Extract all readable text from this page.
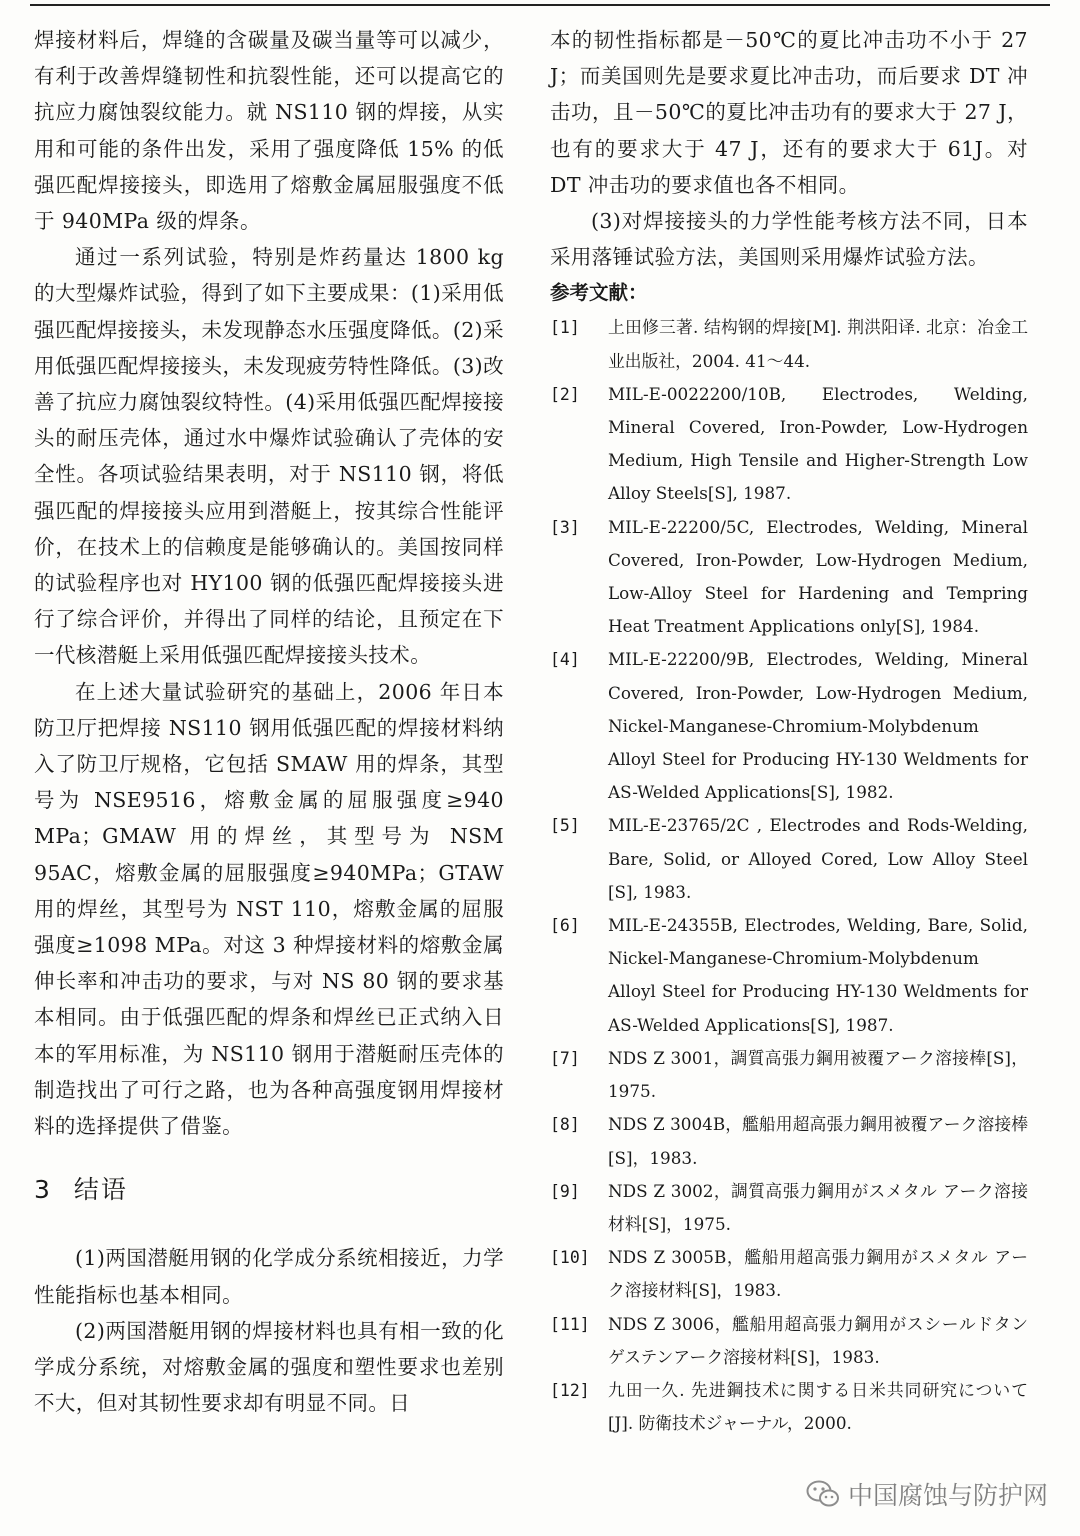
焊接材料后，焊缝的含碳量及碳当量等可以减少，有利于改善焊缝韧性和抗裂性能，还可以提高它的抗应力腐蚀裂纹能力。就 NS110 钢的焊接，从实用和可能的条件出发，采用了强度降低 15% 的低强匹配焊接接头，即选用了熔敷金属屈服强度不低于 940MPa 级的焊条。

通过一系列试验，特别是炸药量达 1800 kg 的大型爆炸试验，得到了如下主要成果：(1)采用低强匹配焊接接头，未发现静态水压强度降低。(2)采用低强匹配焊接接头，未发现疲劳特性降低。(3)改善了抗应力腐蚀裂纹特性。(4)采用低强匹配焊接接头的耐压壳体，通过水中爆炸试验确认了壳体的安全性。各项试验结果表明，对于 NS110 钢，将低强匹配的焊接接头应用到潜艇上，按其综合性能评价，在技术上的信赖度是能够确认的。美国按同样的试验程序也对 HY100 钢的低强匹配焊接接头进行了综合评价，并得出了同样的结论，且预定在下一代核潜艇上采用低强匹配焊接接头技术。

在上述大量试验研究的基础上，2006 年日本防卫厅把焊接 NS110 钢用低强匹配的焊接材料纳入了防卫厅规格，它包括 SMAW 用的焊条，其型号为 NSE9516，熔敷金属的屈服强度≥940 MPa；GMAW 用的焊丝，其型号为 NSM 95AC，熔敷金属的屈服强度≥940MPa；GTAW 用的焊丝，其型号为 NST 110，熔敷金属的屈服强度≥1098 MPa。对这 3 种焊接材料的熔敷金属伸长率和冲击功的要求，与对 NS 80 钢的要求基本相同。由于低强匹配的焊条和焊丝已正式纳入日本的军用标准，为 NS110 钢用于潜艇耐压壳体的制造找出了可行之路，也为各种高强度钢用焊接材料的选择提供了借鉴。

3 结语

(1)两国潜艇用钢的化学成分系统相接近，力学性能指标也基本相同。

(2)两国潜艇用钢的焊接材料也具有相一致的化学成分系统，对熔敷金属的强度和塑性要求也差别不大，但对其韧性要求却有明显不同。日

本的韧性指标都是－50℃的夏比冲击功不小于 27 J；而美国则先是要求夏比冲击功，而后要求 DT 冲击功，且－50℃的夏比冲击功有的要求大于 27 J，也有的要求大于 47 J，还有的要求大于 61J。对 DT 冲击功的要求值也各不相同。

(3)对焊接接头的力学性能考核方法不同，日本采用落锤试验方法，美国则采用爆炸试验方法。

参考文献：

[1] 上田修三著. 结构钢的焊接[M]. 荆洪阳译. 北京：冶金工业出版社，2004. 41～44.

[2] MIL-E-0022200/10B, Electrodes, Welding, Mineral Covered, Iron-Powder, Low-Hydrogen Medium, High Tensile and Higher-Strength Low Alloy Steels[S], 1987.

[3] MIL-E-22200/5C, Electrodes, Welding, Mineral Covered, Iron-Powder, Low-Hydrogen Medium, Low-Alloy Steel for Hardening and Tempring Heat Treatment Applications only[S], 1984.

[4] MIL-E-22200/9B, Electrodes, Welding, Mineral Covered, Iron-Powder, Low-Hydrogen Medium, Nickel-Manganese-Chromium-Molybdenum Alloyl Steel for Producing HY-130 Weldments for AS-Welded Applications[S], 1982.

[5] MIL-E-23765/2C , Electrodes and Rods-Welding, Bare, Solid, or Alloyed Cored, Low Alloy Steel [S], 1983.

[6] MIL-E-24355B, Electrodes, Welding, Bare, Solid, Nickel-Manganese-Chromium-Molybdenum Alloyl Steel for Producing HY-130 Weldments for AS-Welded Applications[S], 1987.

[7] NDS Z 3001，調質高張力鋼用被覆アーク溶接棒[S]，1975.

[8] NDS Z 3004B，艦船用超高張力鋼用被覆アーク溶接棒[S]，1983.

[9] NDS Z 3002，調質高張力鋼用がスメタル アーク溶接材料[S]，1975.

[10] NDS Z 3005B，艦船用超高張力鋼用がスメタル アーク溶接材料[S]，1983.

[11] NDS Z 3006，艦船用超高張力鋼用がスシールドタンゲステンアーク溶接材料[S]，1983.

[12] 九田一久. 先进鋼技术に関する日米共同研究について[J]. 防衛技术ジャーナル，2000.

中国腐蚀与防护网
